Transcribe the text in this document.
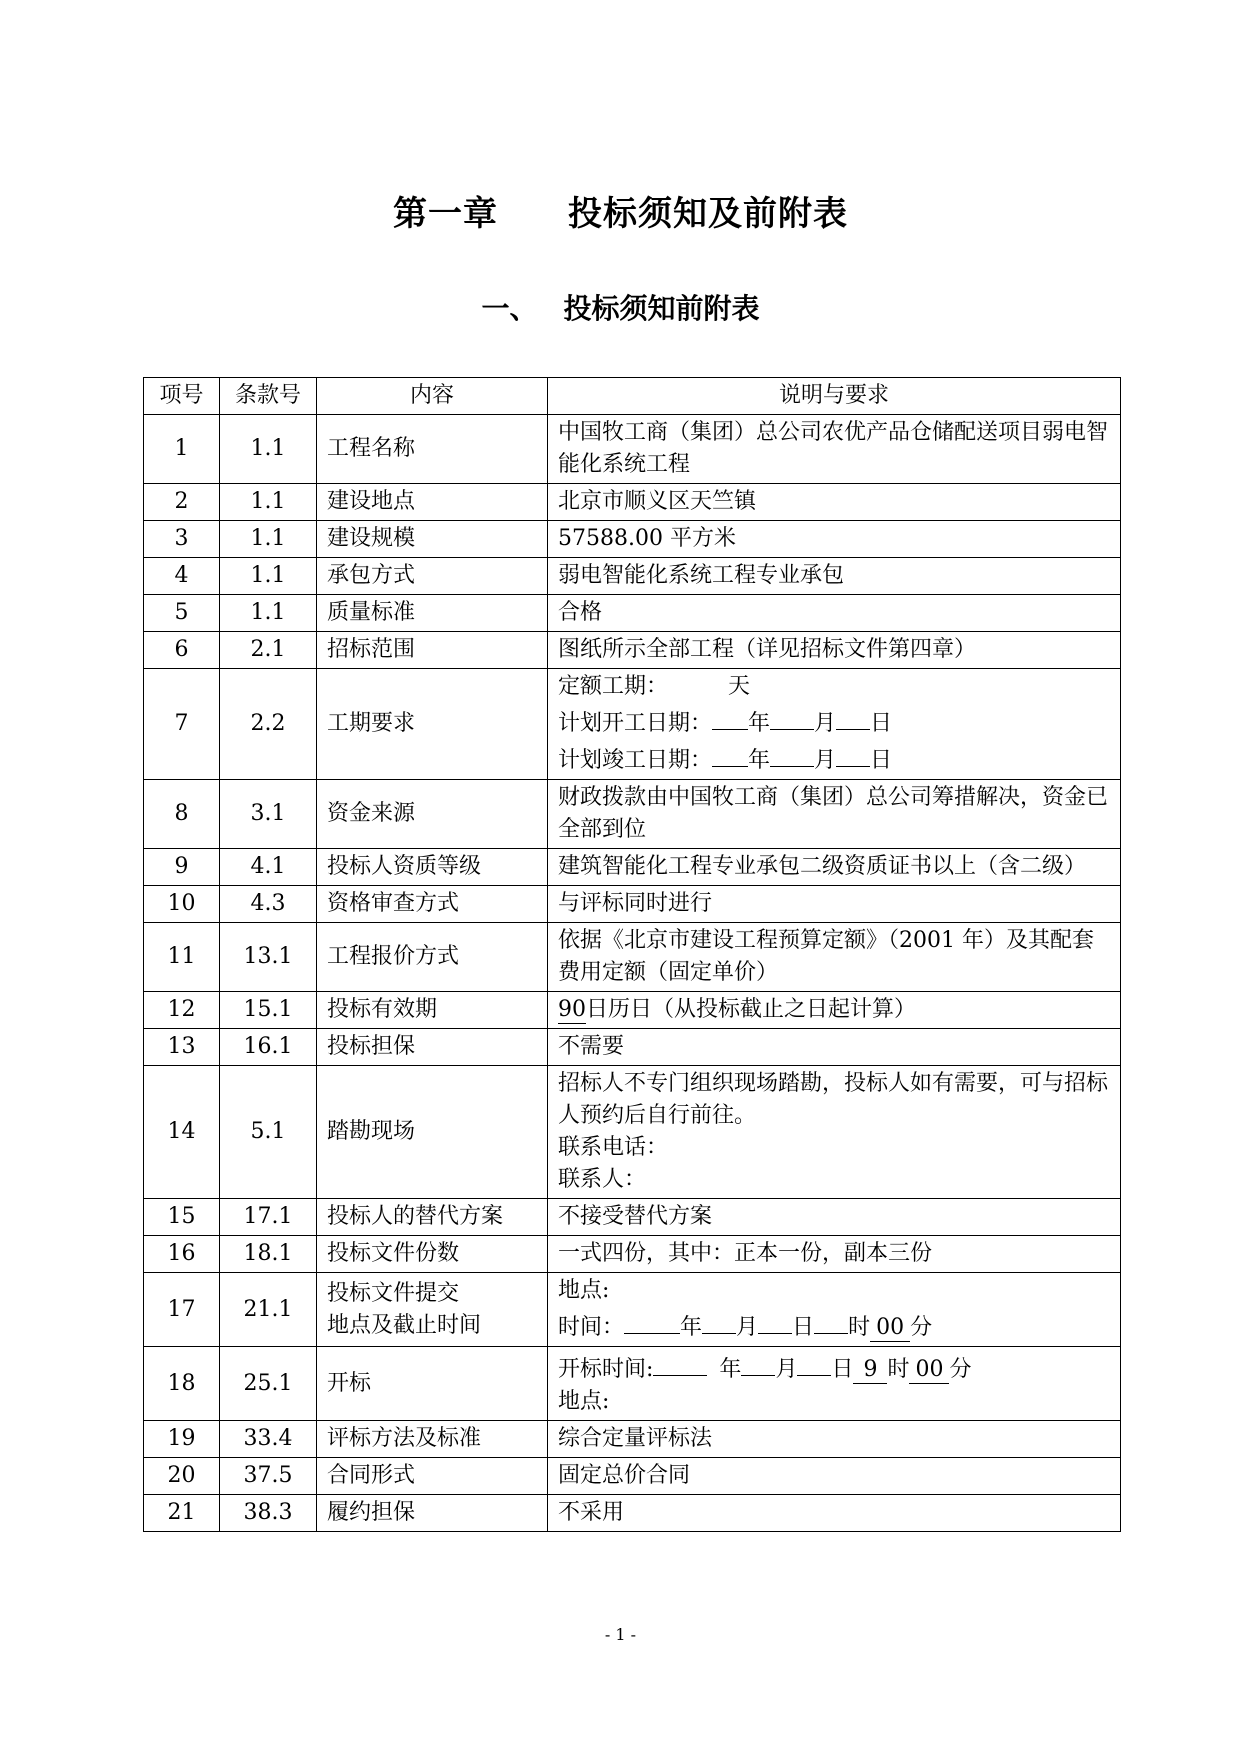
第一章 投标须知及前附表
一、 投标须知前附表
项号	条款号	内容	说明与要求
1	1.1	工程名称	中国牧工商（集团）总公司农优产品仓储配送项目弱电智能化系统工程
2	1.1	建设地点	北京市顺义区天竺镇
3	1.1	建设规模	57588.00 平方米
4	1.1	承包方式	弱电智能化系统工程专业承包
5	1.1	质量标准	合格
6	2.1	招标范围	图纸所示全部工程（详见招标文件第四章）
7	2.2	工期要求	定额工期： 天
计划开工日期： 年 月 日
计划竣工日期： 年 月 日

8	3.1	资金来源	财政拨款由中国牧工商（集团）总公司筹措解决，资金已全部到位
9	4.1	投标人资质等级	建筑智能化工程专业承包二级资质证书以上（含二级）
10	4.3	资格审查方式	与评标同时进行
11	13.1	工程报价方式	依据《北京市建设工程预算定额》（2001 年）及其配套费用定额（固定单价）
12	15.1	投标有效期	90日历日（从投标截止之日起计算）
13	16.1	投标担保	不需要
14	5.1	踏勘现场	招标人不专门组织现场踏勘，投标人如有需要，可与招标人预约后自行前往。
联系电话：
联系人：

15	17.1	投标人的替代方案	不接受替代方案
16	18.1	投标文件份数	一式四份，其中：正本一份，副本三份
17	21.1	投标文件提交
地点及截止时间	地点:
时间： 年 月 日 时 00 分

18	25.1	开标	开标时间: 年 月 日 9 时 00 分
地点:

19	33.4	评标方法及标准	综合定量评标法
20	37.5	合同形式	固定总价合同
21	38.3	履约担保	不采用
- 1 -
